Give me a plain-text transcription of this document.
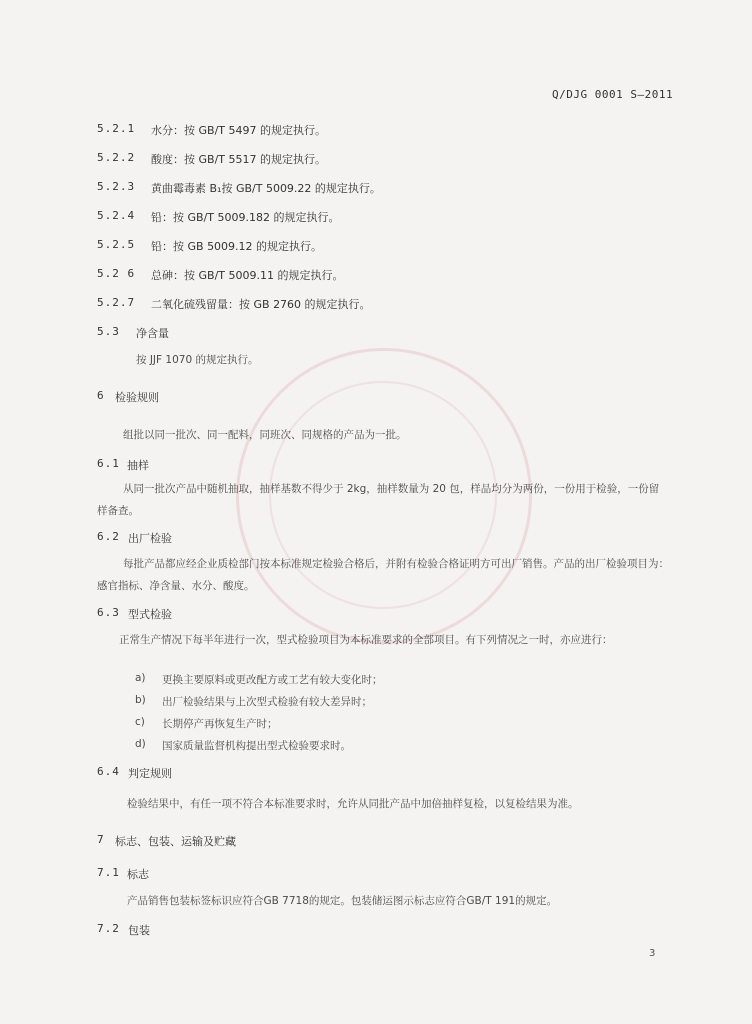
Q/DJG 0001 S—2011
5.2.1 水分：按 GB/T 5497 的规定执行。
5.2.2 酸度：按 GB/T 5517 的规定执行。
5.2.3 黄曲霉毒素 B₁按 GB/T 5009.22 的规定执行。
5.2.4 铅：按 GB/T 5009.182 的规定执行。
5.2.5 铅：按 GB 5009.12 的规定执行。
5.2 6 总砷：按 GB/T 5009.11 的规定执行。
5.2.7 二氧化硫残留量：按 GB 2760 的规定执行。
5.3 净含量
按 JJF 1070 的规定执行。
6 检验规则
组批以同一批次、同一配料，同班次、同规格的产品为一批。
6.1 抽样
从同一批次产品中随机抽取，抽样基数不得少于 2kg，抽样数量为 20 包，样品均分为两份，一份用于检验，一份留样备查。
6.2 出厂检验
每批产品都应经企业质检部门按本标准规定检验合格后，并附有检验合格证明方可出厂销售。产品的出厂检验项目为：感官指标、净含量、水分、酸度。
6.3 型式检验
正常生产情况下每半年进行一次，型式检验项目为本标准要求的全部项目。有下列情况之一时，亦应进行：
a) 更换主要原料或更改配方或工艺有较大变化时；
b) 出厂检验结果与上次型式检验有较大差异时；
c) 长期停产再恢复生产时；
d) 国家质量监督机构提出型式检验要求时。
6.4 判定规则
检验结果中，有任一项不符合本标准要求时，允许从同批产品中加倍抽样复检，以复检结果为准。
7 标志、包装、运输及贮藏
7.1 标志
产品销售包装标签标识应符合GB 7718的规定。包装储运图示标志应符合GB/T 191的规定。
7.2 包装
3
